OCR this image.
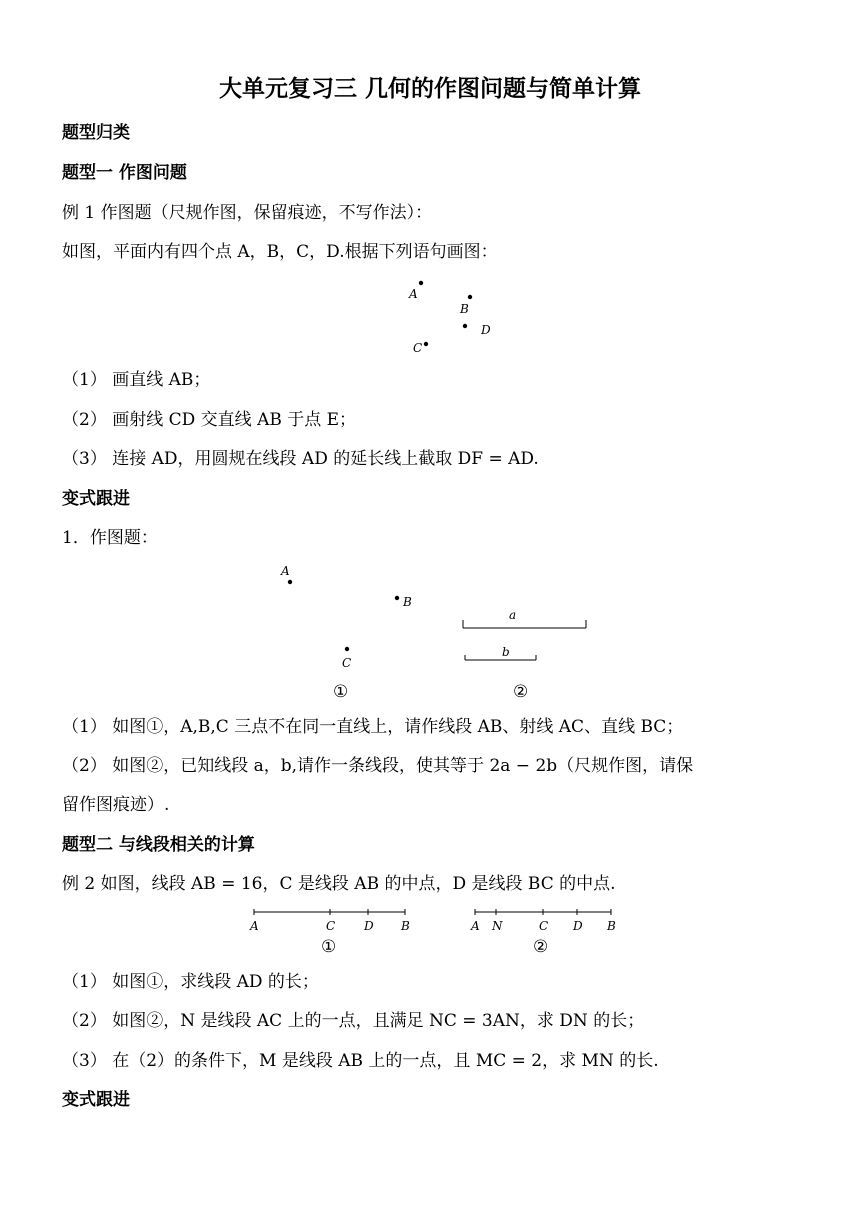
大单元复习三 几何的作图问题与简单计算
题型归类
题型一 作图问题
例 1 作图题（尺规作图，保留痕迹，不写作法）：
如图，平面内有四个点 A，B，C，D.根据下列语句画图：
A
B
D
C
（1） 画直线 AB；
（2） 画射线 CD 交直线 AB 于点 E；
（3） 连接 AD，用圆规在线段 AD 的延长线上截取 DF = AD.
变式跟进
1．作图题：
A
B
C
①
a
b
②
（1） 如图①，A,B,C 三点不在同一直线上，请作线段 AB、射线 AC、直线 BC；
（2） 如图②，已知线段 a，b,请作一条线段，使其等于 2a − 2b（尺规作图，请保
留作图痕迹）.
题型二 与线段相关的计算
例 2 如图，线段 AB = 16，C 是线段 AB 的中点，D 是线段 BC 的中点.
A	C D B
①
A N	C D B
②
（1） 如图①，求线段 AD 的长；
（2） 如图②，N 是线段 AC 上的一点，且满足 NC = 3AN，求 DN 的长；
（3） 在（2）的条件下，M 是线段 AB 上的一点，且 MC = 2，求 MN 的长.
变式跟进
